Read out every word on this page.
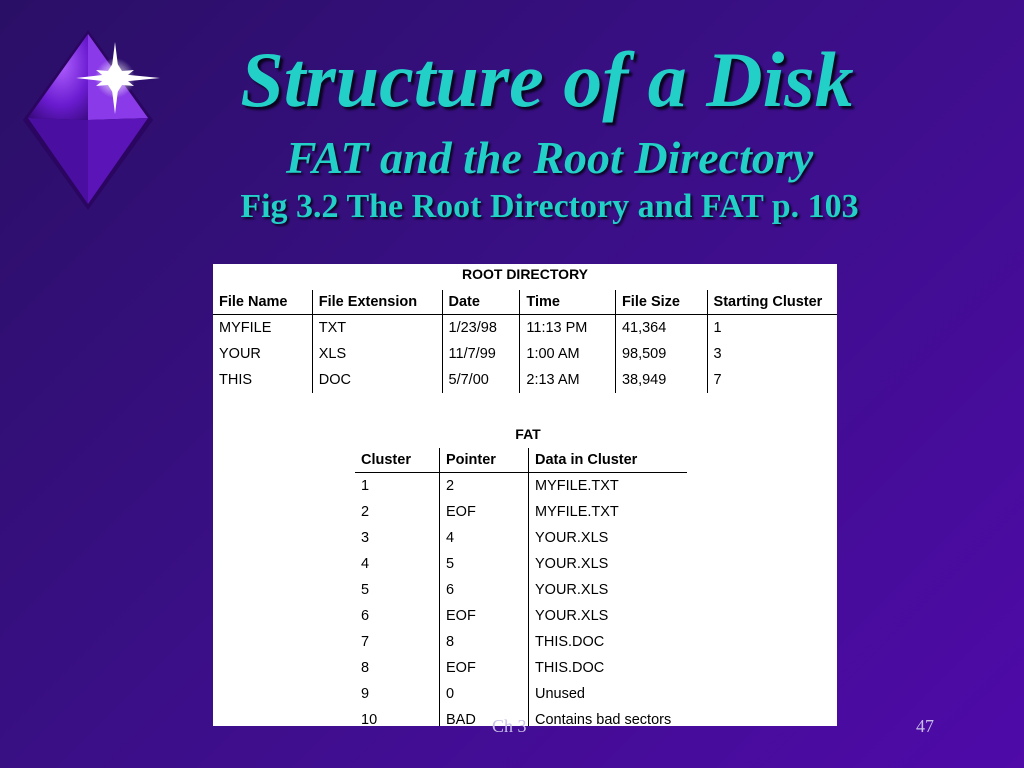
Structure of a Disk
FAT and the Root Directory
Fig 3.2 The Root Directory and FAT p. 103
ROOT DIRECTORY
File Name	File Extension	Date	Time	File Size	Starting Cluster
MYFILE	TXT	1/23/98	11:13 PM	41,364	1
YOUR	XLS	11/7/99	1:00 AM	98,509	3
THIS	DOC	5/7/00	2:13 AM	38,949	7
FAT
Cluster	Pointer	Data in Cluster
1	2	MYFILE.TXT
2	EOF	MYFILE.TXT
3	4	YOUR.XLS
4	5	YOUR.XLS
5	6	YOUR.XLS
6	EOF	YOUR.XLS
7	8	THIS.DOC
8	EOF	THIS.DOC
9	0	Unused
10	BAD	Contains bad sectors
Ch 3	47
